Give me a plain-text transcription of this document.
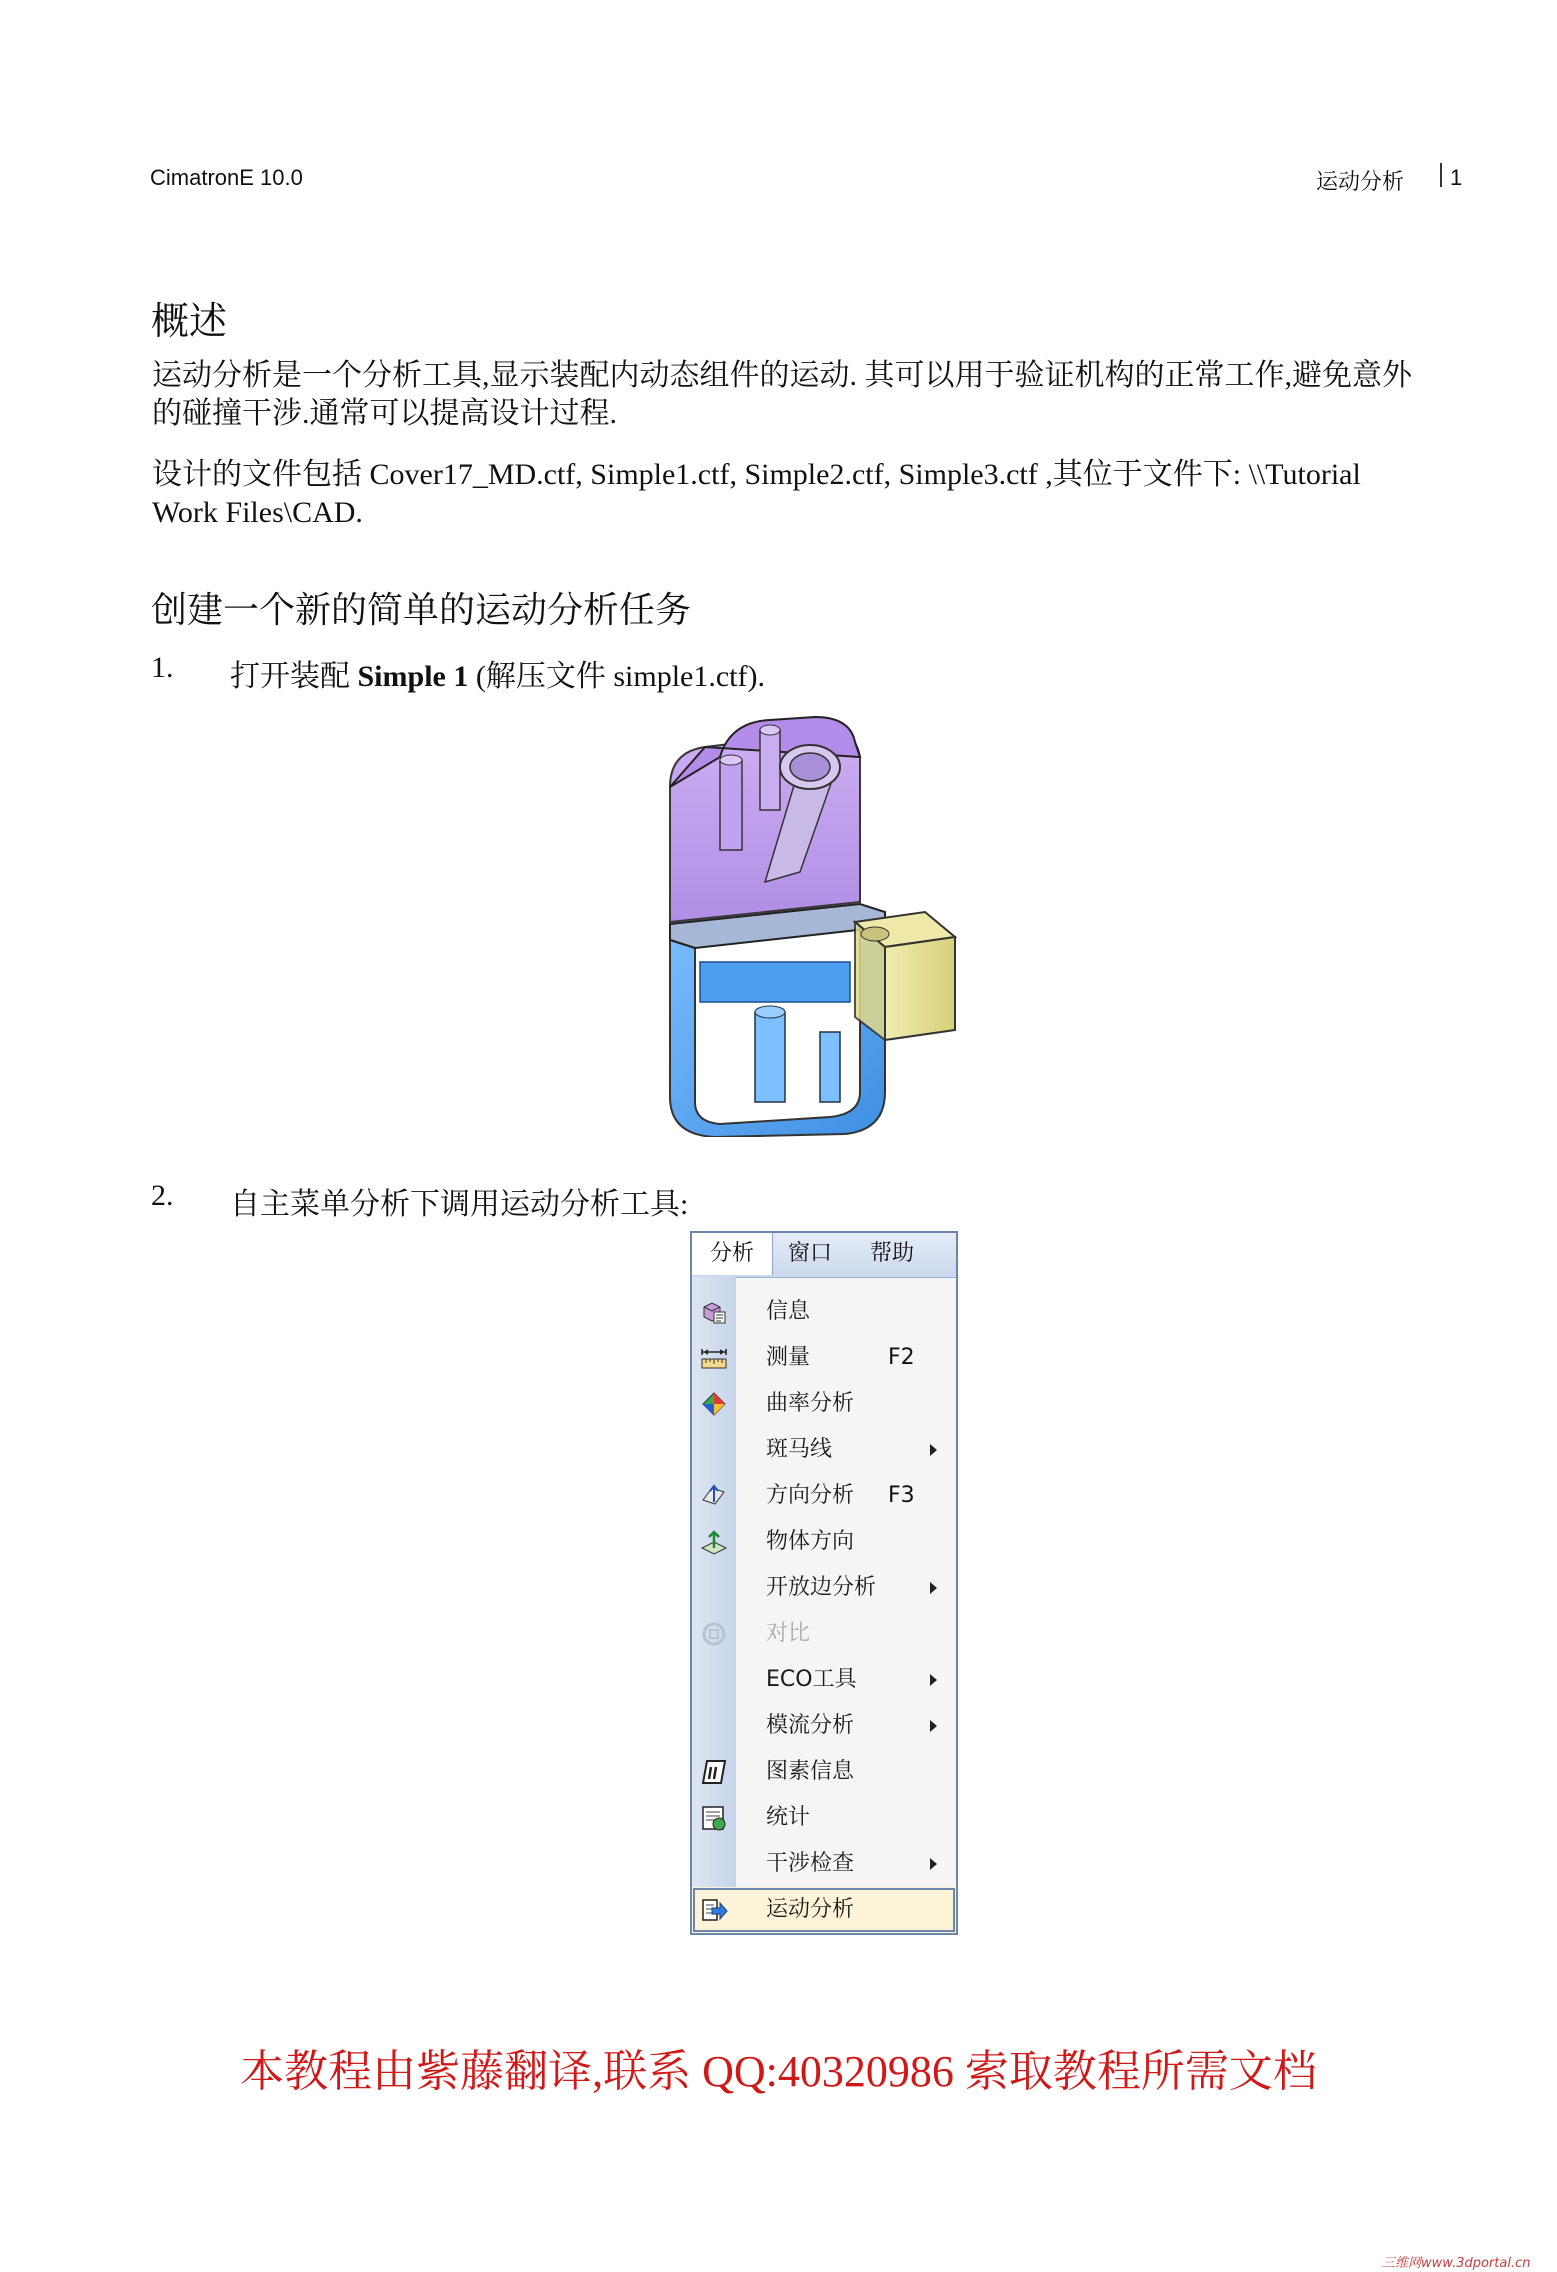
CimatronE 10.0	运动分析 1
概述

运动分析是一个分析工具,显示装配内动态组件的运动. 其可以用于验证机构的正常工作,避免意外的碰撞干涉.通常可以提高设计过程.

设计的文件包括 Cover17_MD.ctf, Simple1.ctf, Simple2.ctf, Simple3.ctf ,其位于文件下: \\Tutorial Work Files\CAD.

创建一个新的简单的运动分析任务
1. 打开装配 Simple 1 (解压文件 simple1.ctf).
2. 自主菜单分析下调用运动分析工具:
分析	窗口 帮助
信息
测量	F2
曲率分析
斑马线
方向分析 F3
物体方向
开放边分析
对比
ECO工具
模流分析
图素信息
统计
干涉检查
运动分析
本教程由紫藤翻译,联系 QQ:40320986 索取教程所需文档
三维网www.3dportal.cn
